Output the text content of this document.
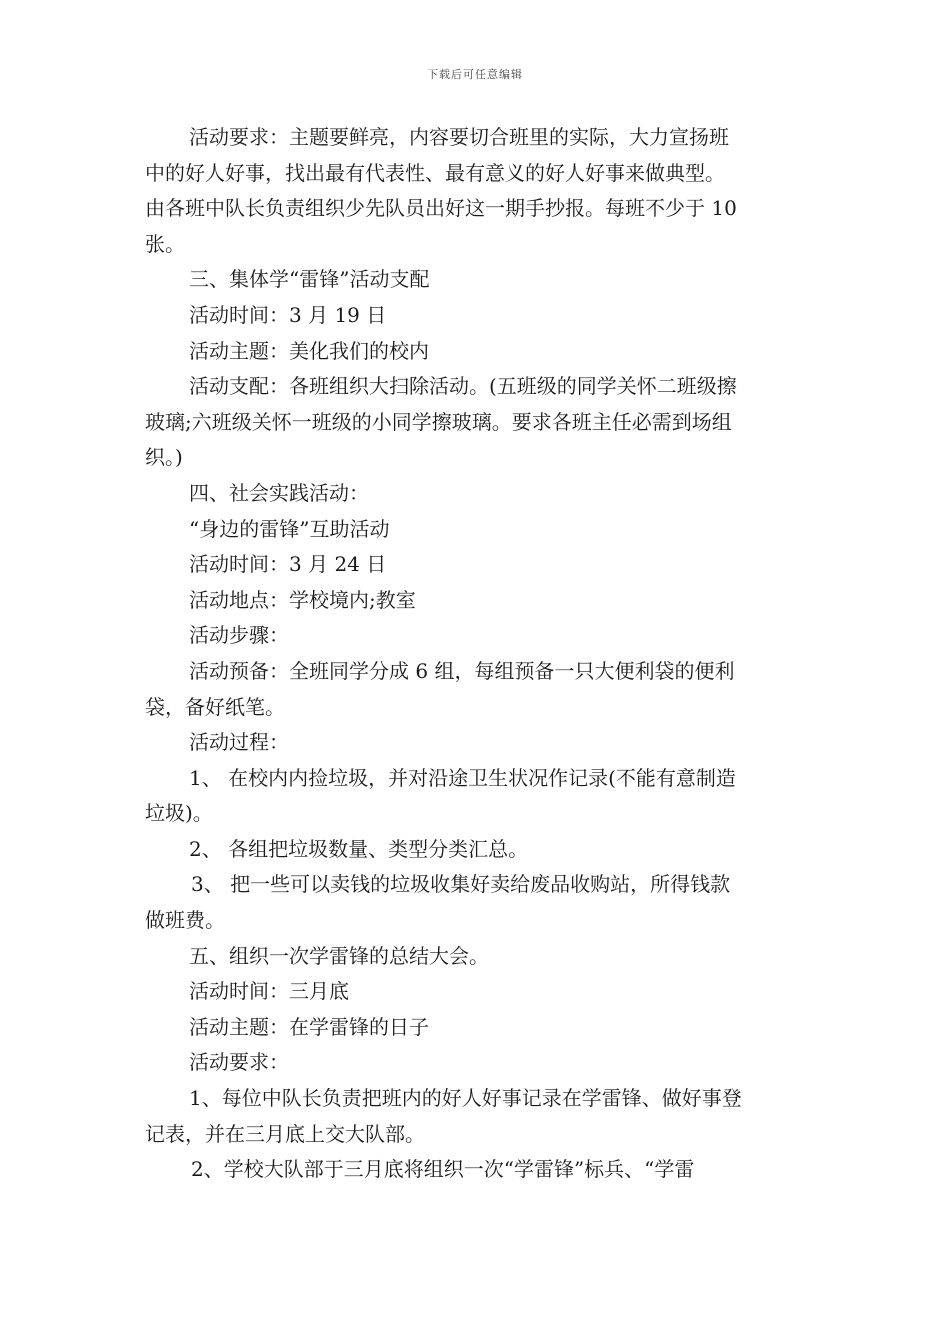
下载后可任意编辑
活动要求：主题要鲜亮，内容要切合班里的实际，大力宣扬班
中的好人好事，找出最有代表性、最有意义的好人好事来做典型。
由各班中队长负责组织少先队员出好这一期手抄报。每班不少于 10
张。
三、集体学“雷锋”活动支配
活动时间：3 月 19 日
活动主题：美化我们的校内
活动支配：各班组织大扫除活动。(五班级的同学关怀二班级擦
玻璃;六班级关怀一班级的小同学擦玻璃。要求各班主任必需到场组
织。)
四、社会实践活动：
“身边的雷锋”互助活动
活动时间：3 月 24 日
活动地点：学校境内;教室
活动步骤：
活动预备：全班同学分成 6 组，每组预备一只大便利袋的便利
袋，备好纸笔。
活动过程：
1、 在校内内捡垃圾，并对沿途卫生状况作记录(不能有意制造
垃圾)。
2、 各组把垃圾数量、类型分类汇总。
3、 把一些可以卖钱的垃圾收集好卖给废品收购站，所得钱款
做班费。
五、组织一次学雷锋的总结大会。
活动时间：三月底
活动主题：在学雷锋的日子
活动要求：
1、每位中队长负责把班内的好人好事记录在学雷锋、做好事登
记表，并在三月底上交大队部。
2、学校大队部于三月底将组织一次“学雷锋”标兵、“学雷
